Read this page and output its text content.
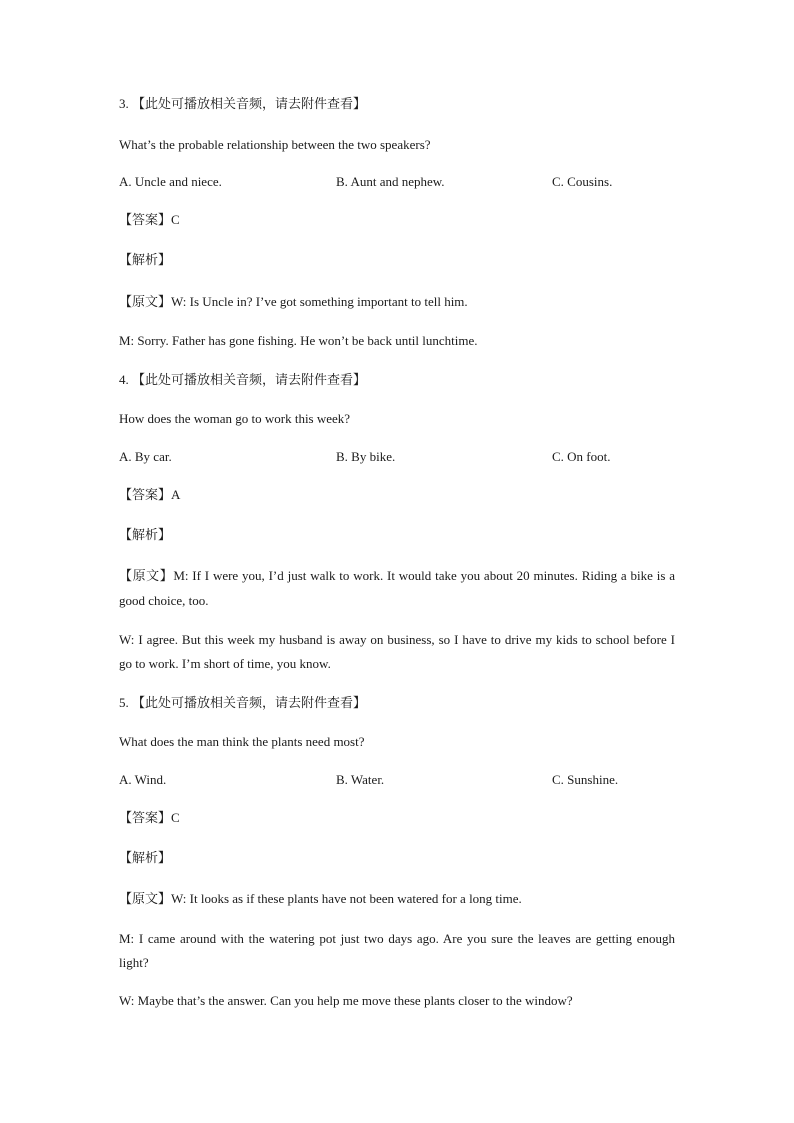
3. 【此处可播放相关音频，请去附件查看】
What’s the probable relationship between the two speakers?
A. Uncle and niece.	B. Aunt and nephew.	C. Cousins.
【答案】C
【解析】
【原文】W: Is Uncle in? I’ve got something important to tell him.
M: Sorry. Father has gone fishing. He won’t be back until lunchtime.
4. 【此处可播放相关音频，请去附件查看】
How does the woman go to work this week?
A. By car.	B. By bike.	C. On foot.
【答案】A
【解析】
【原文】M: If I were you, I’d just walk to work. It would take you about 20 minutes. Riding a bike is a good choice, too.
W: I agree. But this week my husband is away on business, so I have to drive my kids to school before I go to work. I’m short of time, you know.
5. 【此处可播放相关音频，请去附件查看】
What does the man think the plants need most?
A. Wind.	B. Water.	C. Sunshine.
【答案】C
【解析】
【原文】W: It looks as if these plants have not been watered for a long time.
M: I came around with the watering pot just two days ago. Are you sure the leaves are getting enough light?
W: Maybe that’s the answer. Can you help me move these plants closer to the window?
